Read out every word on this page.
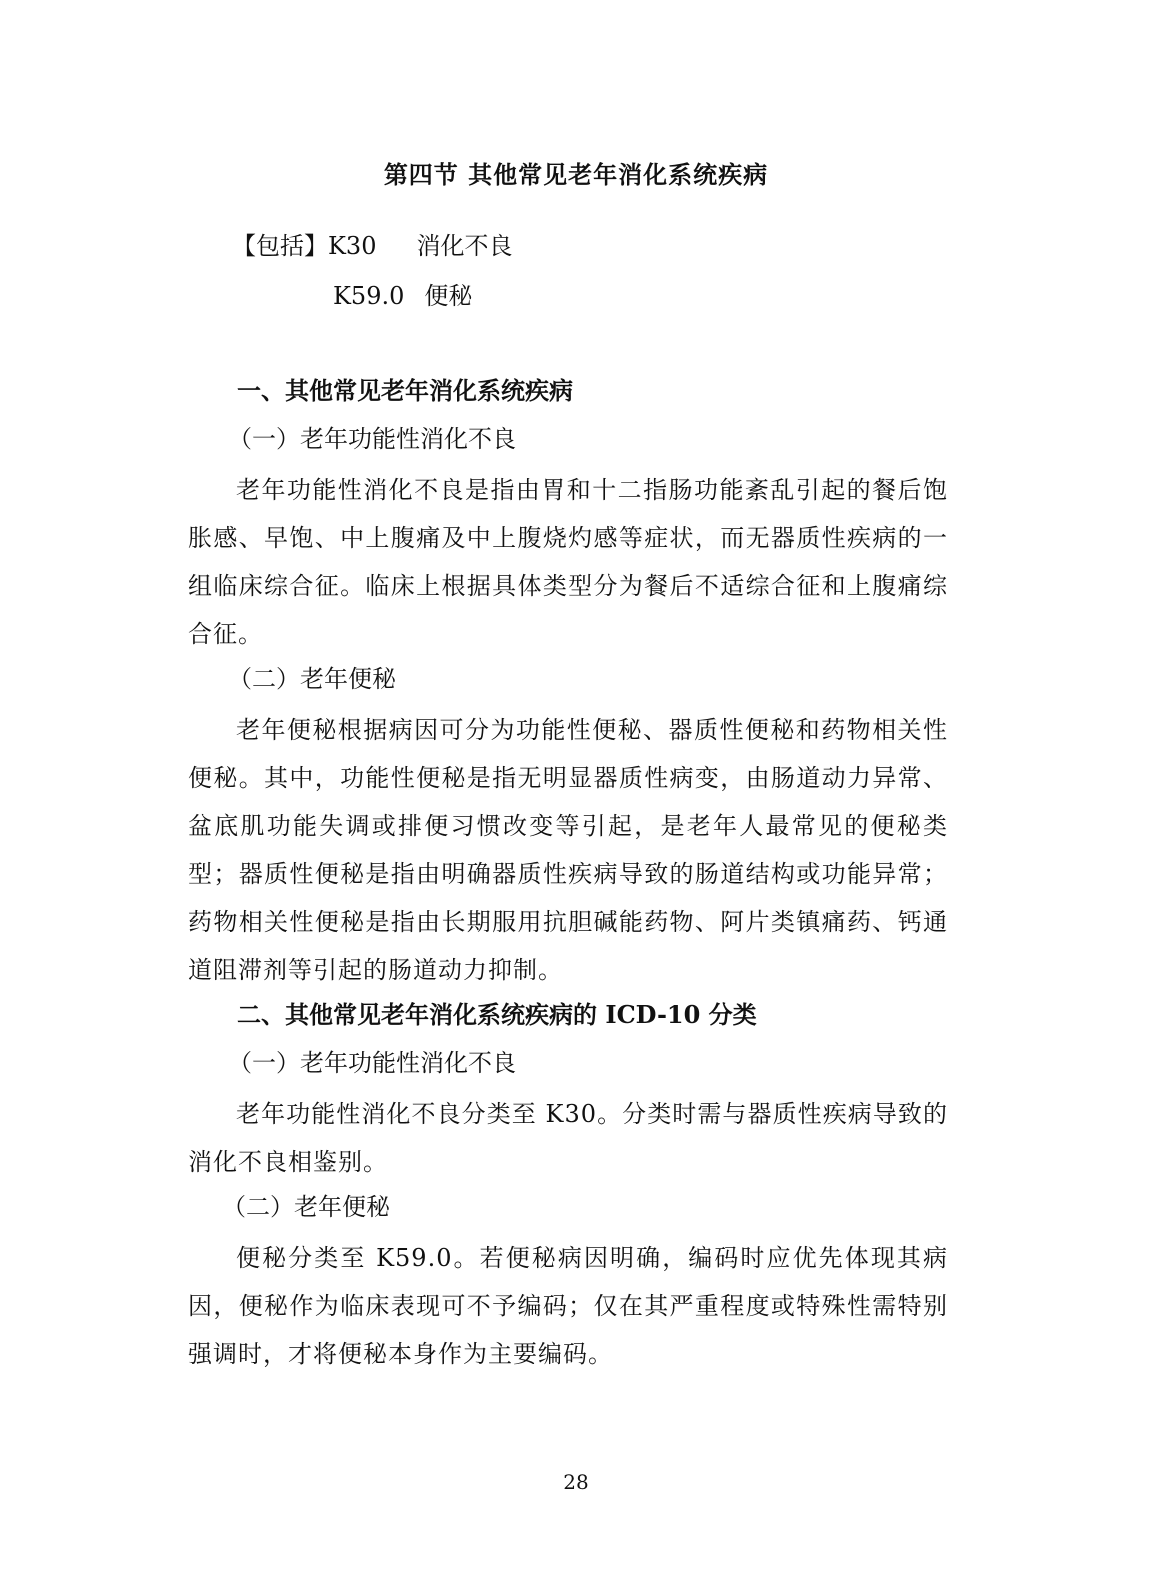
第四节 其他常见老年消化系统疾病
【包括】K30 消化不良
K59.0 便秘
一、其他常见老年消化系统疾病
（一）老年功能性消化不良

老年功能性消化不良是指由胃和十二指肠功能紊乱引起的餐后饱胀感、早饱、中上腹痛及中上腹烧灼感等症状，而无器质性疾病的一组临床综合征。临床上根据具体类型分为餐后不适综合征和上腹痛综合征。

（二）老年便秘

老年便秘根据病因可分为功能性便秘、器质性便秘和药物相关性便秘。其中，功能性便秘是指无明显器质性病变，由肠道动力异常、盆底肌功能失调或排便习惯改变等引起，是老年人最常见的便秘类型；器质性便秘是指由明确器质性疾病导致的肠道结构或功能异常；药物相关性便秘是指由长期服用抗胆碱能药物、阿片类镇痛药、钙通道阻滞剂等引起的肠道动力抑制。

二、其他常见老年消化系统疾病的 ICD-10 分类
（一）老年功能性消化不良

老年功能性消化不良分类至 K30。分类时需与器质性疾病导致的消化不良相鉴别。

（二）老年便秘

便秘分类至 K59.0。若便秘病因明确，编码时应优先体现其病因，便秘作为临床表现可不予编码；仅在其严重程度或特殊性需特别强调时，才将便秘本身作为主要编码。

28
